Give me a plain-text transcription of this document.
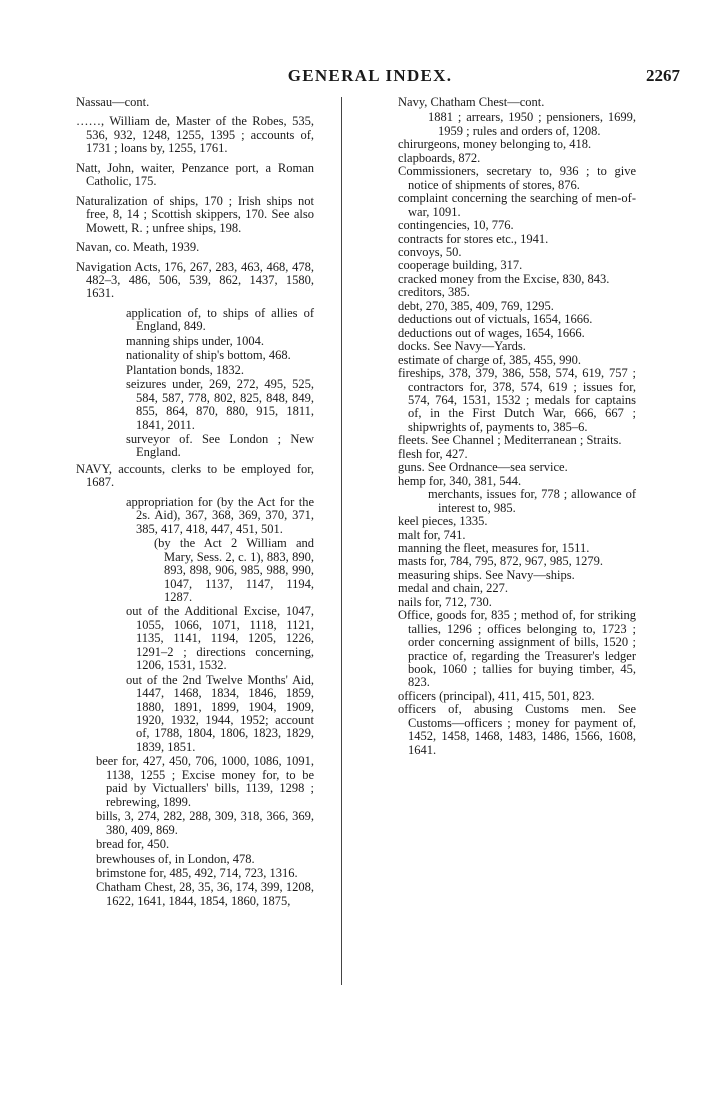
GENERAL INDEX.	2267
Nassau—cont.
……, William de, Master of the Robes, 535, 536, 932, 1248, 1255, 1395 ; accounts of, 1731 ; loans by, 1255, 1761.
Natt, John, waiter, Penzance port, a Roman Catholic, 175.
Naturalization of ships, 170 ; Irish ships not free, 8, 14 ; Scottish skippers, 170. See also Mowett, R. ; unfree ships, 198.
Navan, co. Meath, 1939.
Navigation Acts, 176, 267, 283, 463, 468, 478, 482–3, 486, 506, 539, 862, 1437, 1580, 1631.
application of, to ships of allies of England, 849.
manning ships under, 1004.
nationality of ship's bottom, 468.
Plantation bonds, 1832.
seizures under, 269, 272, 495, 525, 584, 587, 778, 802, 825, 848, 849, 855, 864, 870, 880, 915, 1811, 1841, 2011.
surveyor of. See London ; New England.
NAVY, accounts, clerks to be employed for, 1687.
appropriation for (by the Act for the 2s. Aid), 367, 368, 369, 370, 371, 385, 417, 418, 447, 451, 501.
(by the Act 2 William and Mary, Sess. 2, c. 1), 883, 890, 893, 898, 906, 985, 988, 990, 1047, 1137, 1147, 1194, 1287.
out of the Additional Excise, 1047, 1055, 1066, 1071, 1118, 1121, 1135, 1141, 1194, 1205, 1226, 1291–2 ; directions concerning, 1206, 1531, 1532.
out of the 2nd Twelve Months' Aid, 1447, 1468, 1834, 1846, 1859, 1880, 1891, 1899, 1904, 1909, 1920, 1932, 1944, 1952; account of, 1788, 1804, 1806, 1823, 1829, 1839, 1851.
beer for, 427, 450, 706, 1000, 1086, 1091, 1138, 1255 ; Excise money for, to be paid by Victuallers' bills, 1139, 1298 ; rebrewing, 1899.
bills, 3, 274, 282, 288, 309, 318, 366, 369, 380, 409, 869.
bread for, 450.
brewhouses of, in London, 478.
brimstone for, 485, 492, 714, 723, 1316.
Chatham Chest, 28, 35, 36, 174, 399, 1208, 1622, 1641, 1844, 1854, 1860, 1875,
Navy, Chatham Chest—cont.
1881 ; arrears, 1950 ; pensioners, 1699, 1959 ; rules and orders of, 1208.
chirurgeons, money belonging to, 418.
clapboards, 872.
Commissioners, secretary to, 936 ; to give notice of shipments of stores, 876.
complaint concerning the searching of men-of-war, 1091.
contingencies, 10, 776.
contracts for stores etc., 1941.
convoys, 50.
cooperage building, 317.
cracked money from the Excise, 830, 843.
creditors, 385.
debt, 270, 385, 409, 769, 1295.
deductions out of victuals, 1654, 1666.
deductions out of wages, 1654, 1666.
docks. See Navy—Yards.
estimate of charge of, 385, 455, 990.
fireships, 378, 379, 386, 558, 574, 619, 757 ; contractors for, 378, 574, 619 ; issues for, 574, 764, 1531, 1532 ; medals for captains of, in the First Dutch War, 666, 667 ; shipwrights of, payments to, 385–6.
fleets. See Channel ; Mediterranean ; Straits.
flesh for, 427.
guns. See Ordnance—sea service.
hemp for, 340, 381, 544.
merchants, issues for, 778 ; allowance of interest to, 985.
keel pieces, 1335.
malt for, 741.
manning the fleet, measures for, 1511.
masts for, 784, 795, 872, 967, 985, 1279.
measuring ships. See Navy—ships.
medal and chain, 227.
nails for, 712, 730.
Office, goods for, 835 ; method of, for striking tallies, 1296 ; offices belonging to, 1723 ; order concerning assignment of bills, 1520 ; practice of, regarding the Treasurer's ledger book, 1060 ; tallies for buying timber, 45, 823.
officers (principal), 411, 415, 501, 823.
officers of, abusing Customs men. See Customs—officers ; money for payment of, 1452, 1458, 1468, 1483, 1486, 1566, 1608, 1641.
